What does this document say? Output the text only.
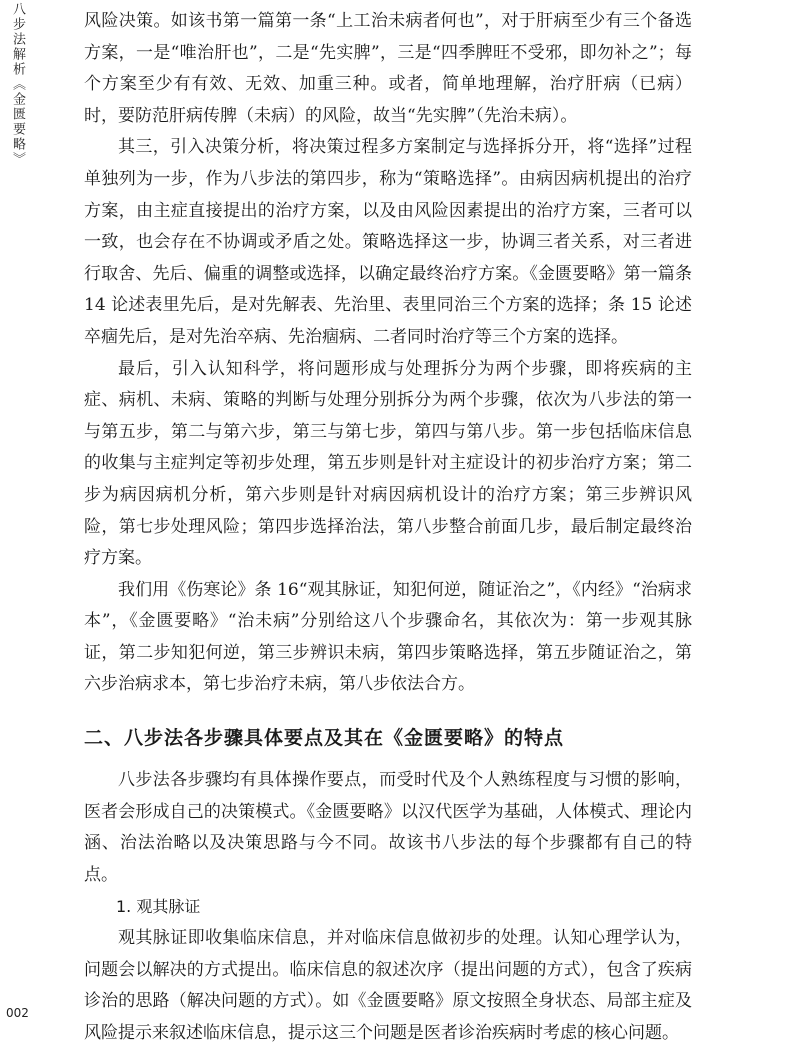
八步法解析《金匮要略》	风险决策。如该书第一篇第一条“上工治未病者何也”，对于肝病至少有三个备选方案，一是“唯治肝也”，二是“先实脾”，三是“四季脾旺不受邪，即勿补之”；每个方案至少有有效、无效、加重三种。或者，简单地理解，治疗肝病（已病）时，要防范肝病传脾（未病）的风险，故当“先实脾”（先治未病）。

其三，引入决策分析，将决策过程多方案制定与选择拆分开，将“选择”过程单独列为一步，作为八步法的第四步，称为“策略选择”。由病因病机提出的治疗方案，由主症直接提出的治疗方案，以及由风险因素提出的治疗方案，三者可以一致，也会存在不协调或矛盾之处。策略选择这一步，协调三者关系，对三者进行取舍、先后、偏重的调整或选择，以确定最终治疗方案。《金匮要略》第一篇条 14 论述表里先后，是对先解表、先治里、表里同治三个方案的选择；条 15 论述卒痼先后，是对先治卒病、先治痼病、二者同时治疗等三个方案的选择。

最后，引入认知科学，将问题形成与处理拆分为两个步骤，即将疾病的主症、病机、未病、策略的判断与处理分别拆分为两个步骤，依次为八步法的第一与第五步，第二与第六步，第三与第七步，第四与第八步。第一步包括临床信息的收集与主症判定等初步处理，第五步则是针对主症设计的初步治疗方案；第二步为病因病机分析，第六步则是针对病因病机设计的治疗方案；第三步辨识风险，第七步处理风险；第四步选择治法，第八步整合前面几步，最后制定最终治疗方案。

我们用《伤寒论》条 16“观其脉证，知犯何逆，随证治之”，《内经》“治病求本”，《金匮要略》“治未病”分别给这八个步骤命名，其依次为：第一步观其脉证，第二步知犯何逆，第三步辨识未病，第四步策略选择，第五步随证治之，第六步治病求本，第七步治疗未病，第八步依法合方。

二、八步法各步骤具体要点及其在《金匮要略》的特点

八步法各步骤均有具体操作要点，而受时代及个人熟练程度与习惯的影响，医者会形成自己的决策模式。《金匮要略》以汉代医学为基础，人体模式、理论内涵、治法治略以及决策思路与今不同。故该书八步法的每个步骤都有自己的特点。

1. 观其脉证

观其脉证即收集临床信息，并对临床信息做初步的处理。认知心理学认为，问题会以解决的方式提出。临床信息的叙述次序（提出问题的方式），包含了疾病诊治的思路（解决问题的方式）。如《金匮要略》原文按照全身状态、局部主症及风险提示来叙述临床信息，提示这三个问题是医者诊治疾病时考虑的核心问题。

002
